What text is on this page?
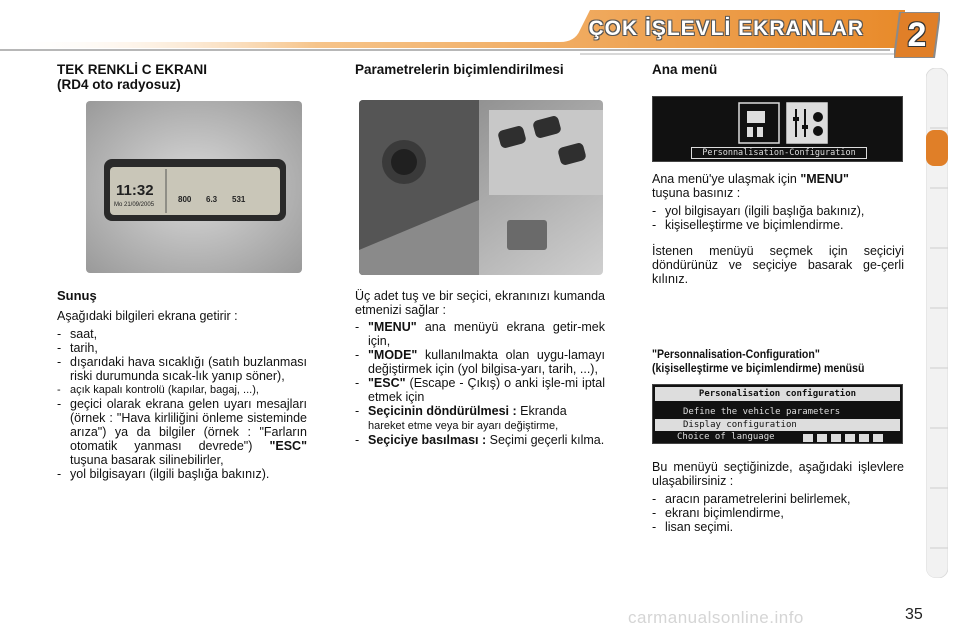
ÇOK İŞLEVLİ EKRANLAR	2
TEK RENKLİ C EKRANI
(RD4 oto radyosuz)
11:32
Mo 21/09/2005
800 6.3 531
Sunuş

Aşağıdaki bilgileri ekrana getirir :

- saat,
- tarih,
- dışarıdaki hava sıcaklığı (satıh buzlanması riski durumunda sıcak-lık yanıp söner),
- açık kapalı kontrolü (kapılar, bagaj, ...),
- geçici olarak ekrana gelen uyarı mesajları (örnek : "Hava kirliliğini önleme sisteminde arıza") ya da bilgiler (örnek : "Farların otomatik yanması devrede") "ESC" tuşuna basarak silinebilirler,
- yol bilgisayarı (ilgili başlığa bakınız).
Parametrelerin biçimlendirilmesi

Üç adet tuş ve bir seçici, ekranınızı kumanda etmenizi sağlar :

- "MENU" ana menüyü ekrana getir-mek için,
- "MODE" kullanılmakta olan uygu-lamayı değiştirmek için (yol bilgisa-yarı, tarih, ...),
- "ESC" (Escape - Çıkış) o anki işle-mi iptal etmek için
- Seçicinin döndürülmesi : Ekranda
hareket etme veya bir ayarı değiştirme,
- Seçiciye basılması : Seçimi geçerli kılma.
Ana menü
Personnalisation-Configuration

Ana menü'ye ulaşmak için "MENU"
tuşuna basınız :

- yol bilgisayarı (ilgili başlığa bakınız),
- kişiselleştirme ve biçimlendirme.

İstenen menüyü seçmek için seçiciyi döndürünüz ve seçiciye basarak ge-çerli kılınız.

"Personnalisation-Configuration"
(kişiselleştirme ve biçimlendirme) menüsü
Personalisation configuration
Define the vehicle parameters
Display configuration
Choice of language

Bu menüyü seçtiğinizde, aşağıdaki işlevlere ulaşabilirsiniz :

- aracın parametrelerini belirlemek,
- ekranı biçimlendirme,
- lisan seçimi.
carmanualsonline.info	35
